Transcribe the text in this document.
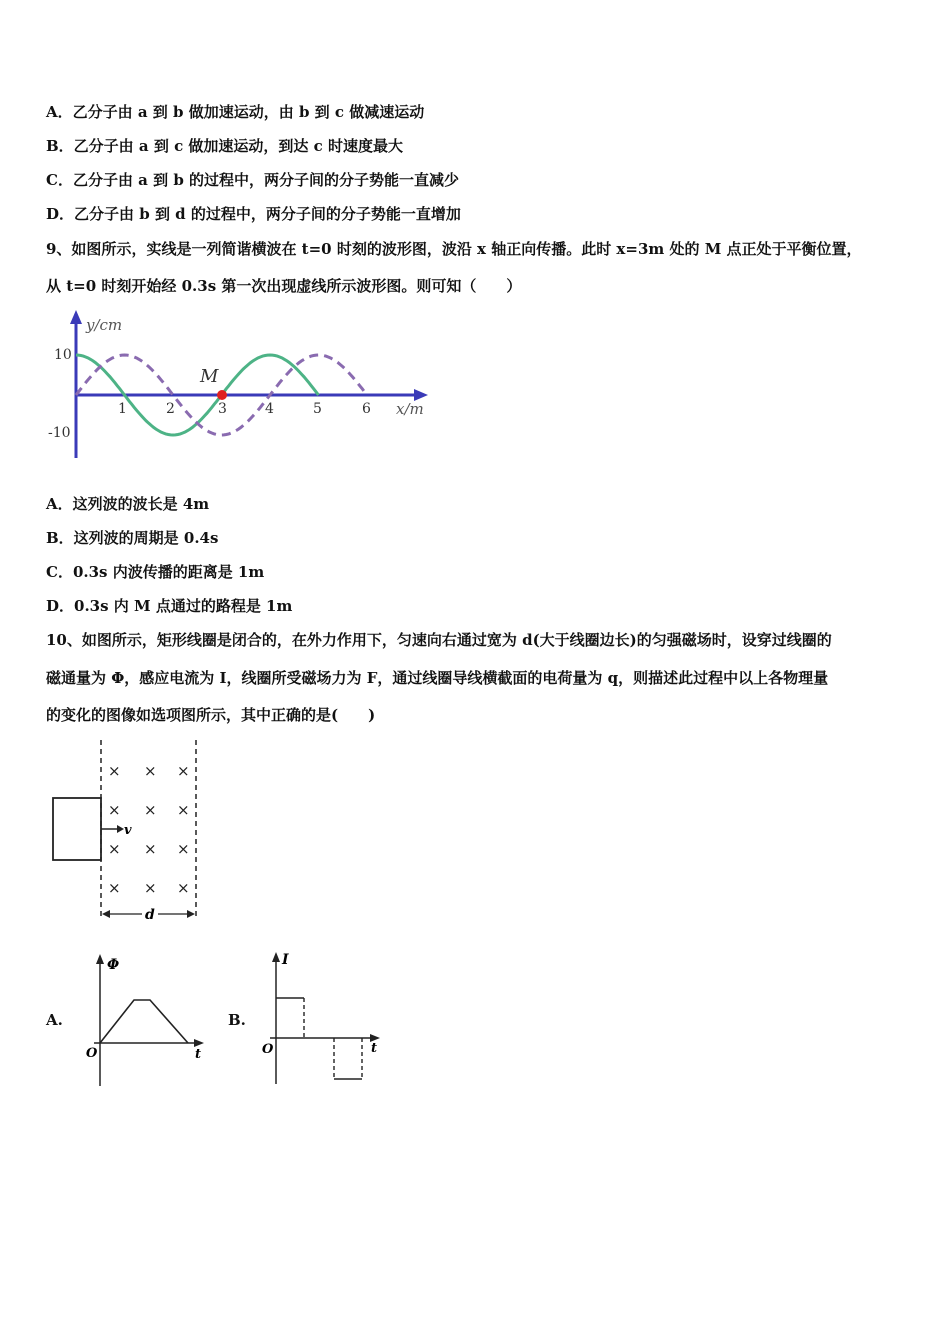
A．乙分子由 a 到 b 做加速运动，由 b 到 c 做减速运动
B．乙分子由 a 到 c 做加速运动，到达 c 时速度最大
C．乙分子由 a 到 b 的过程中，两分子间的分子势能一直减少
D．乙分子由 b 到 d 的过程中，两分子间的分子势能一直增加
9、如图所示，实线是一列简谐横波在 t=0 时刻的波形图，波沿 x 轴正向传播。此时 x=3m 处的 M 点正处于平衡位置，
从 t=0 时刻开始经 0.3s 第一次出现虚线所示波形图。则可知（　　）
y/cm
x/m
10
-10
1	2	3	4	5	6
M
A．这列波的波长是 4m
B．这列波的周期是 0.4s
C．0.3s 内波传播的距离是 1m
D．0.3s 内 M 点通过的路程是 1m
10、如图所示，矩形线圈是闭合的，在外力作用下，匀速向右通过宽为 d(大于线圈边长)的匀强磁场时，设穿过线圈的
磁通量为 Φ，感应电流为 I，线圈所受磁场力为 F，通过线圈导线横截面的电荷量为 q，则描述此过程中以上各物理量
的变化的图像如选项图所示，其中正确的是(　　)
× × ×
× × ×
× × ×
× × ×
v
d
A.
Φ
t
O
B.
I
t
O
